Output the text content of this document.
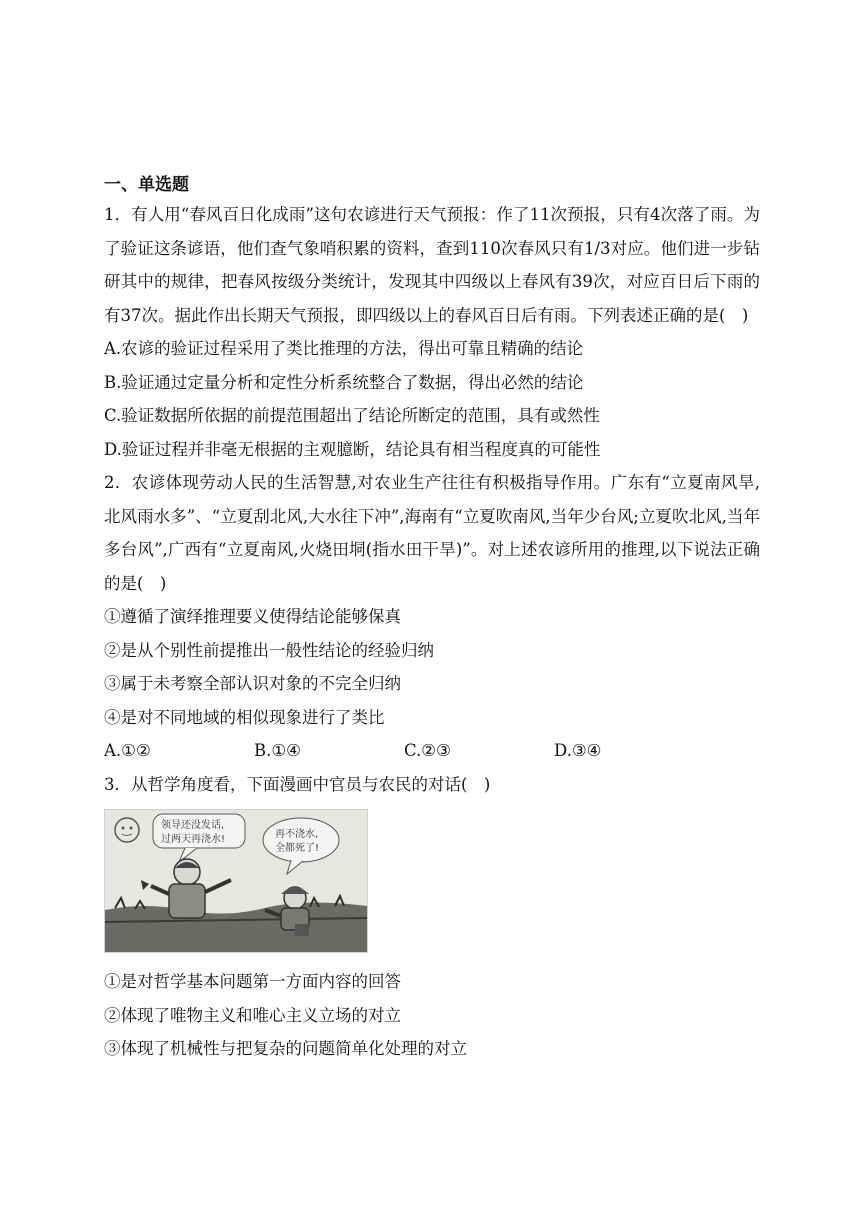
一、单选题

1．有人用“春风百日化成雨”这句农谚进行天气预报：作了11次预报，只有4次落了雨。为了验证这条谚语，他们查气象哨积累的资料，查到110次春风只有1/3对应。他们进一步钻研其中的规律，把春风按级分类统计，发现其中四级以上春风有39次，对应百日后下雨的有37次。据此作出长期天气预报，即四级以上的春风百日后有雨。下列表述正确的是(　)

A.农谚的验证过程采用了类比推理的方法，得出可靠且精确的结论

B.验证通过定量分析和定性分析系统整合了数据，得出必然的结论

C.验证数据所依据的前提范围超出了结论所断定的范围，具有或然性

D.验证过程并非毫无根据的主观臆断，结论具有相当程度真的可能性

2．农谚体现劳动人民的生活智慧,对农业生产往往有积极指导作用。广东有“立夏南风旱,北风雨水多”、“立夏刮北风,大水往下冲”,海南有“立夏吹南风,当年少台风;立夏吹北风,当年多台风”,广西有“立夏南风,火烧田垌(指水田干旱)”。对上述农谚所用的推理,以下说法正确的是(　)

①遵循了演绎推理要义使得结论能够保真

②是从个别性前提推出一般性结论的经验归纳

③属于未考察全部认识对象的不完全归纳

④是对不同地域的相似现象进行了类比

A.①②	B.①④	C.②③	D.③④

3．从哲学角度看，下面漫画中官员与农民的对话(　)

领导还没发话,
过两天再浇水!	再不浇水,
全都死了!

①是对哲学基本问题第一方面内容的回答

②体现了唯物主义和唯心主义立场的对立

③体现了机械性与把复杂的问题简单化处理的对立
